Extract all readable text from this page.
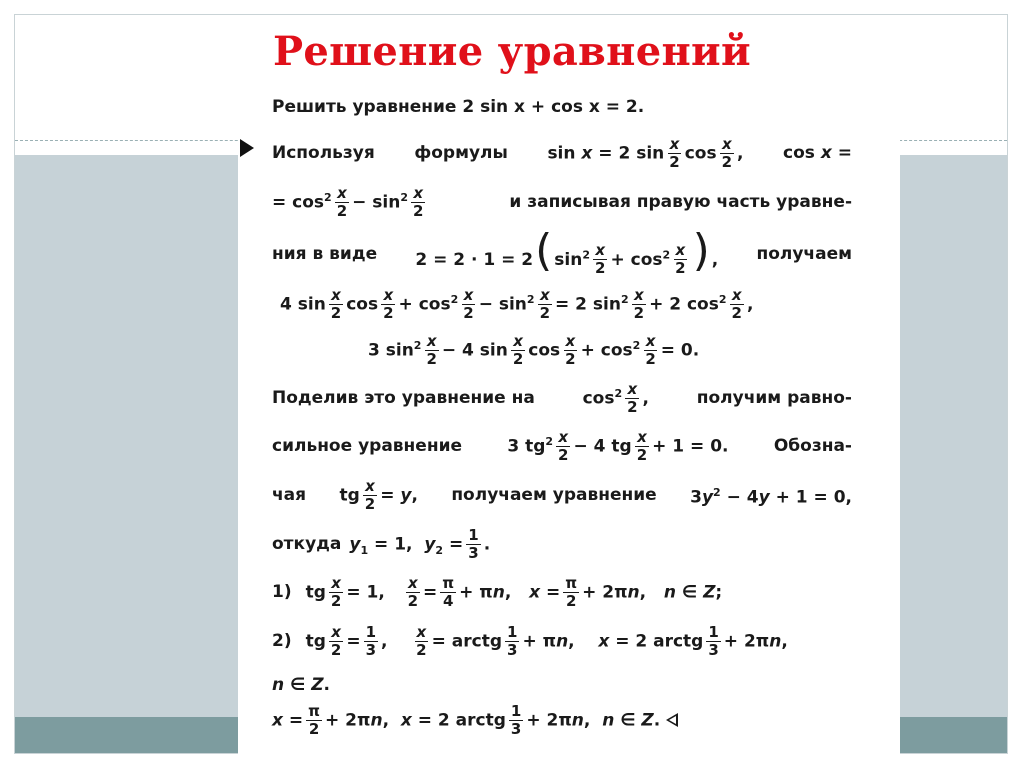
Решение уравнений
Решить уравнение 2 sin x + cos x = 2.
Используя формулы sin x = 2 $\sin \frac{x}{2}$ $\cos \frac{x}{2}$ , cos x =
= $\cos^2 \frac{x}{2} - \sin^2 \frac{x}{2}$	и записывая правую часть уравне-
ния в виде 2 = 2 · 1 = 2( $\sin^2 \frac{x}{2} + \cos^2 \frac{x}{2}$ ) , получаем
4 $\sin \frac{x}{2}$ $\cos \frac{x}{2} + \cos^2 \frac{x}{2} - \sin^2 \frac{x}{2} = 2$ $\sin^2 \frac{x}{2} + 2$ $\cos^2 \frac{x}{2}$ ,
3 $\sin^2 \frac{x}{2} - 4$ $\sin \frac{x}{2}$ $\cos \frac{x}{2} + \cos^2 \frac{x}{2} = 0$.
Поделив это уравнение на	$\cos^2 \frac{x}{2}$ ,	получим равно-
сильное уравнение	3 $tg^2 \frac{x}{2} - 4$ tg $\frac{x}{2} + 1 = 0$.	Обозна-
чая tg $\frac{x}{2} = y$, получаем уравнение $3y^2 - 4y + 1 = 0$,
откуда $y_1 = 1$,  $y_2 = \frac{1}{3}$ .
1) tg $\frac{x}{2} = 1$, $\frac{x}{2} = \frac{\pi}{4} + \pi n$,   $x = \frac{\pi}{2} + 2\pi n$,   n ∈ Z;
2) tg $\frac{x}{2} = \frac{1}{3}$ , $\frac{x}{2}$ = arctg $\frac{1}{3} + \pi n$,    x = 2 arctg $\frac{1}{3} + 2\pi n$,
n ∈ Z.
$x = \frac{\pi}{2} + 2\pi n$,  x = 2 arctg $\frac{1}{3} + 2\pi n$,  n ∈ Z.
